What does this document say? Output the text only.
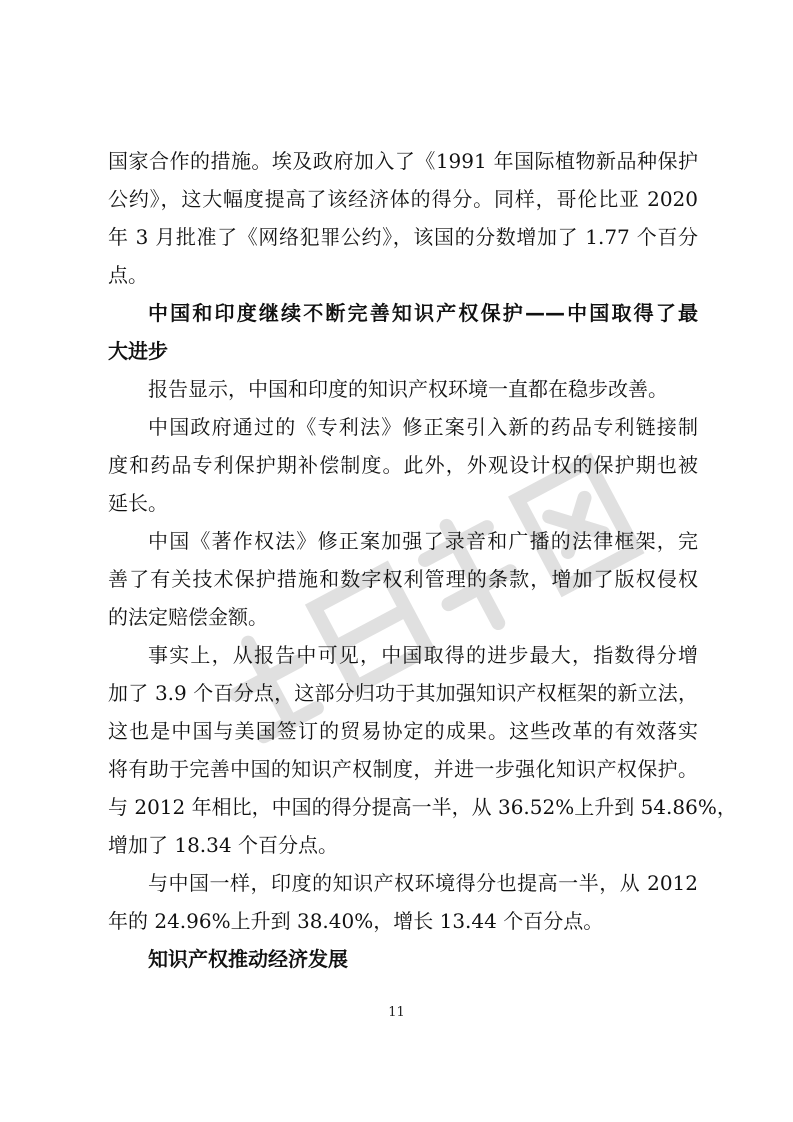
国家合作的措施。埃及政府加入了《1991 年国际植物新品种保护
公约》，这大幅度提高了该经济体的得分。同样，哥伦比亚 2020
年 3 月批准了《网络犯罪公约》，该国的分数增加了 1.77 个百分
点。
中国和印度继续不断完善知识产权保护——中国取得了最
大进步
报告显示，中国和印度的知识产权环境一直都在稳步改善。
中国政府通过的《专利法》修正案引入新的药品专利链接制
度和药品专利保护期补偿制度。此外，外观设计权的保护期也被
延长。
中国《著作权法》修正案加强了录音和广播的法律框架，完
善了有关技术保护措施和数字权利管理的条款，增加了版权侵权
的法定赔偿金额。
事实上，从报告中可见，中国取得的进步最大，指数得分增
加了 3.9 个百分点，这部分归功于其加强知识产权框架的新立法，
这也是中国与美国签订的贸易协定的成果。这些改革的有效落实
将有助于完善中国的知识产权制度，并进一步强化知识产权保护。
与 2012 年相比，中国的得分提高一半，从 36.52%上升到 54.86%，
增加了 18.34 个百分点。
与中国一样，印度的知识产权环境得分也提高一半，从 2012
年的 24.96%上升到 38.40%，增长 13.44 个百分点。
知识产权推动经济发展
11
